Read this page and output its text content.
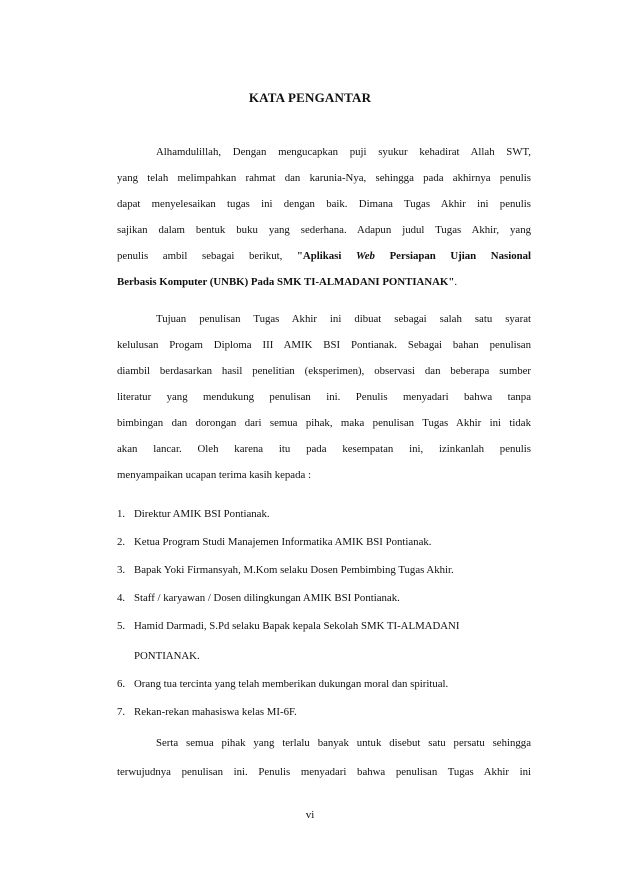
KATA PENGANTAR
Alhamdulillah, Dengan mengucapkan puji syukur kehadirat Allah SWT,
yang telah melimpahkan rahmat dan karunia-Nya, sehingga pada akhirnya penulis
dapat menyelesaikan tugas ini dengan baik. Dimana Tugas Akhir ini penulis
sajikan dalam bentuk buku yang sederhana. Adapun judul Tugas Akhir, yang
penulis ambil sebagai berikut, "Aplikasi Web Persiapan Ujian Nasional
Berbasis Komputer (UNBK) Pada SMK TI-ALMADANI PONTIANAK".
Tujuan penulisan Tugas Akhir ini dibuat sebagai salah satu syarat
kelulusan Progam Diploma III AMIK BSI Pontianak. Sebagai bahan penulisan
diambil berdasarkan hasil penelitian (eksperimen), observasi dan beberapa sumber
literatur yang mendukung penulisan ini. Penulis menyadari bahwa tanpa
bimbingan dan dorongan dari semua pihak, maka penulisan Tugas Akhir ini tidak
akan lancar. Oleh karena itu pada kesempatan ini, izinkanlah penulis
menyampaikan ucapan terima kasih kepada :
1. Direktur AMIK BSI Pontianak.
2. Ketua Program Studi Manajemen Informatika AMIK BSI Pontianak.
3. Bapak Yoki Firmansyah, M.Kom selaku Dosen Pembimbing Tugas Akhir.
4. Staff / karyawan / Dosen dilingkungan AMIK BSI Pontianak.
5. Hamid Darmadi, S.Pd selaku Bapak kepala Sekolah SMK TI-ALMADANI
PONTIANAK.
6. Orang tua tercinta yang telah memberikan dukungan moral dan spiritual.
7. Rekan-rekan mahasiswa kelas MI-6F.
Serta semua pihak yang terlalu banyak untuk disebut satu persatu sehingga
terwujudnya penulisan ini. Penulis menyadari bahwa penulisan Tugas Akhir ini
vi
